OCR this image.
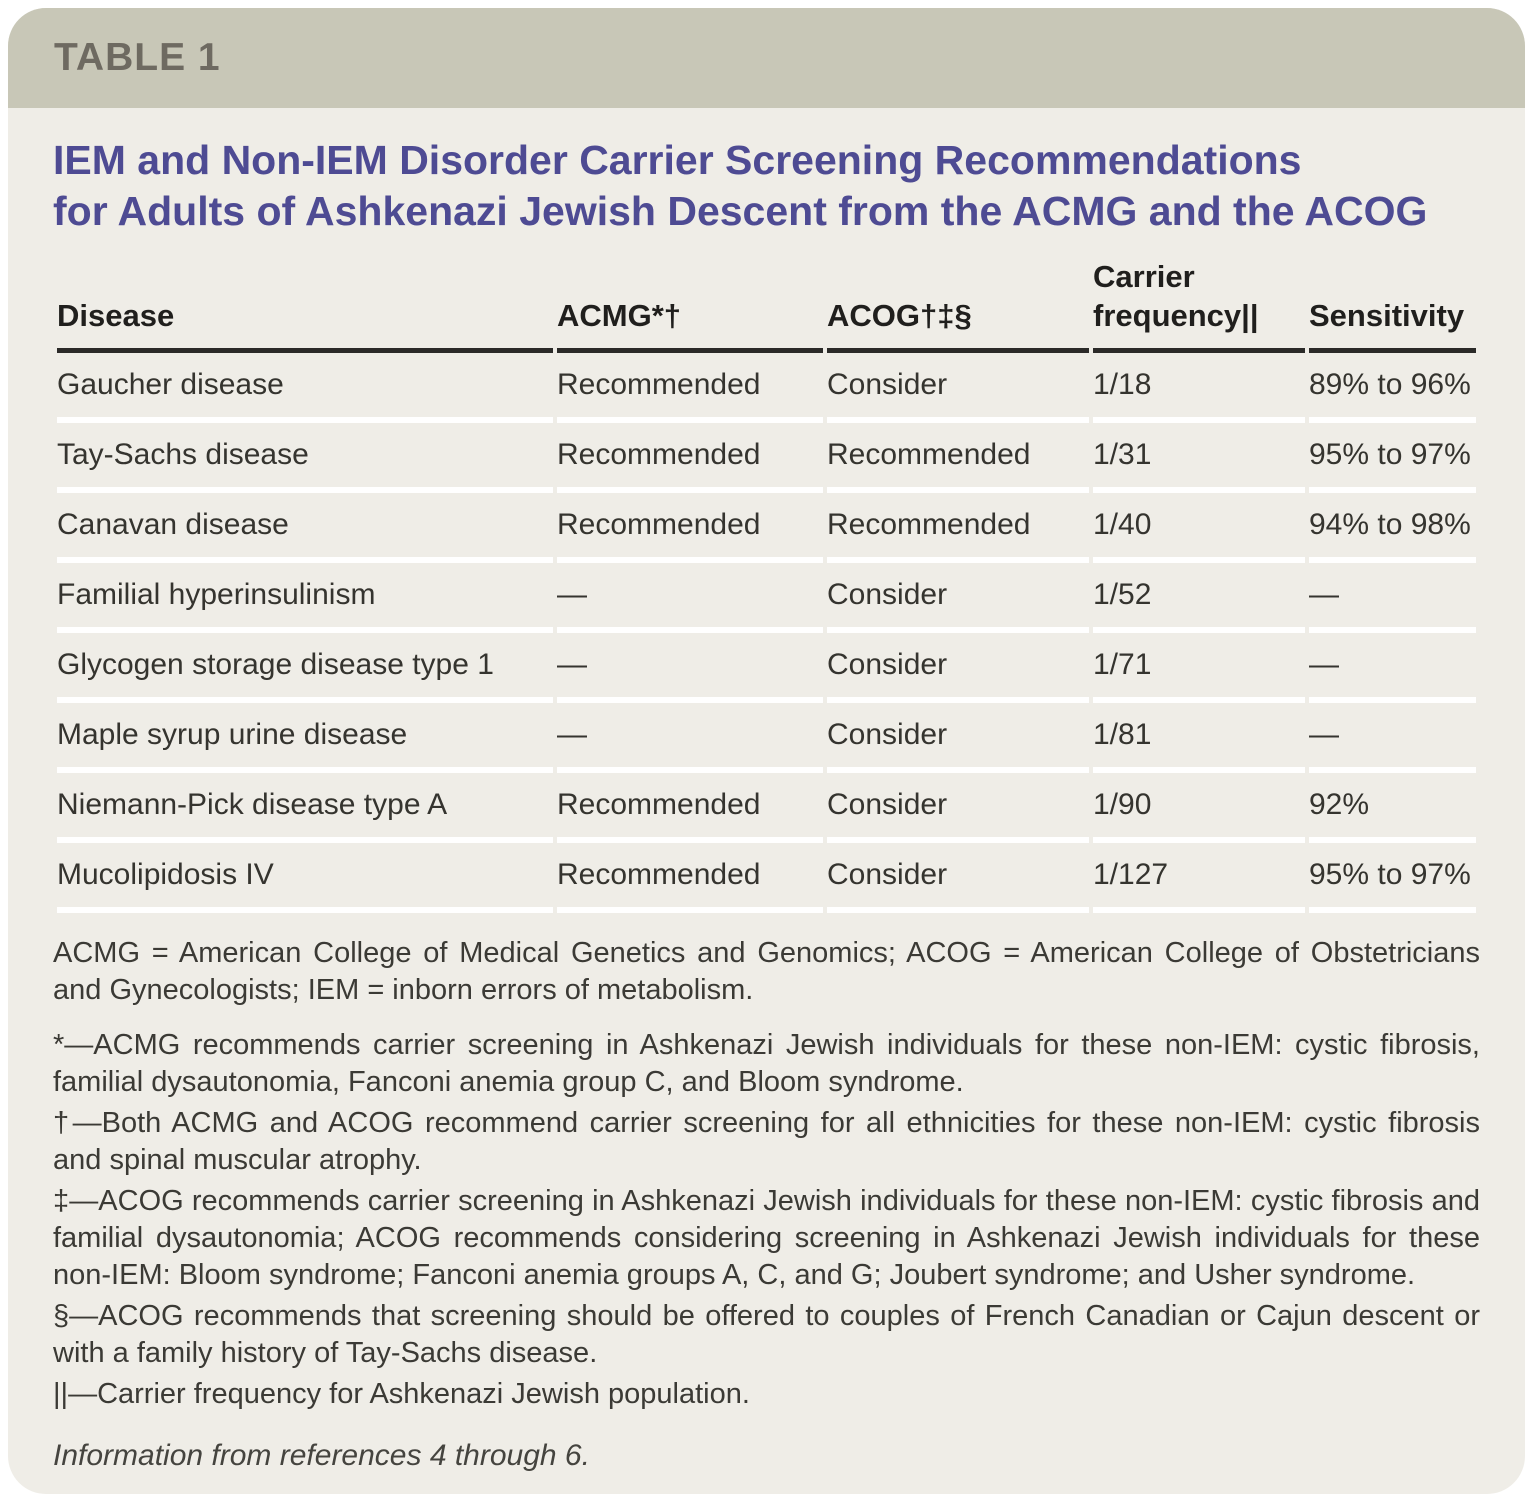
TABLE 1
IEM and Non-IEM Disorder Carrier Screening Recommendations
for Adults of Ashkenazi Jewish Descent from the ACMG and the ACOG
Disease	ACMG*†	ACOG†‡§	Carrier frequency||	Sensitivity
Gaucher disease	Recommended	Consider	1/18	89% to 96%
Tay-Sachs disease	Recommended	Recommended	1/31	95% to 97%
Canavan disease	Recommended	Recommended	1/40	94% to 98%
Familial hyperinsulinism	—	Consider	1/52	—
Glycogen storage disease type 1	—	Consider	1/71	—
Maple syrup urine disease	—	Consider	1/81	—
Niemann-Pick disease type A	Recommended	Consider	1/90	92%
Mucolipidosis IV	Recommended	Consider	1/127	95% to 97%

ACMG = American College of Medical Genetics and Genomics; ACOG = American College of Obstetricians and Gynecologists; IEM = inborn errors of metabolism.

*—ACMG recommends carrier screening in Ashkenazi Jewish individuals for these non-IEM: cystic fibrosis, familial dysautonomia, Fanconi anemia group C, and Bloom syndrome.

†—Both ACMG and ACOG recommend carrier screening for all ethnicities for these non-IEM: cystic fibrosis and spinal muscular atrophy.

‡—ACOG recommends carrier screening in Ashkenazi Jewish individuals for these non-IEM: cystic fibrosis and familial dysautonomia; ACOG recommends considering screening in Ashkenazi Jewish individuals for these non-IEM: Bloom syndrome; Fanconi anemia groups A, C, and G; Joubert syndrome; and Usher syndrome.

§—ACOG recommends that screening should be offered to couples of French Canadian or Cajun descent or with a family history of Tay-Sachs disease.

||—Carrier frequency for Ashkenazi Jewish population.

Information from references 4 through 6.
